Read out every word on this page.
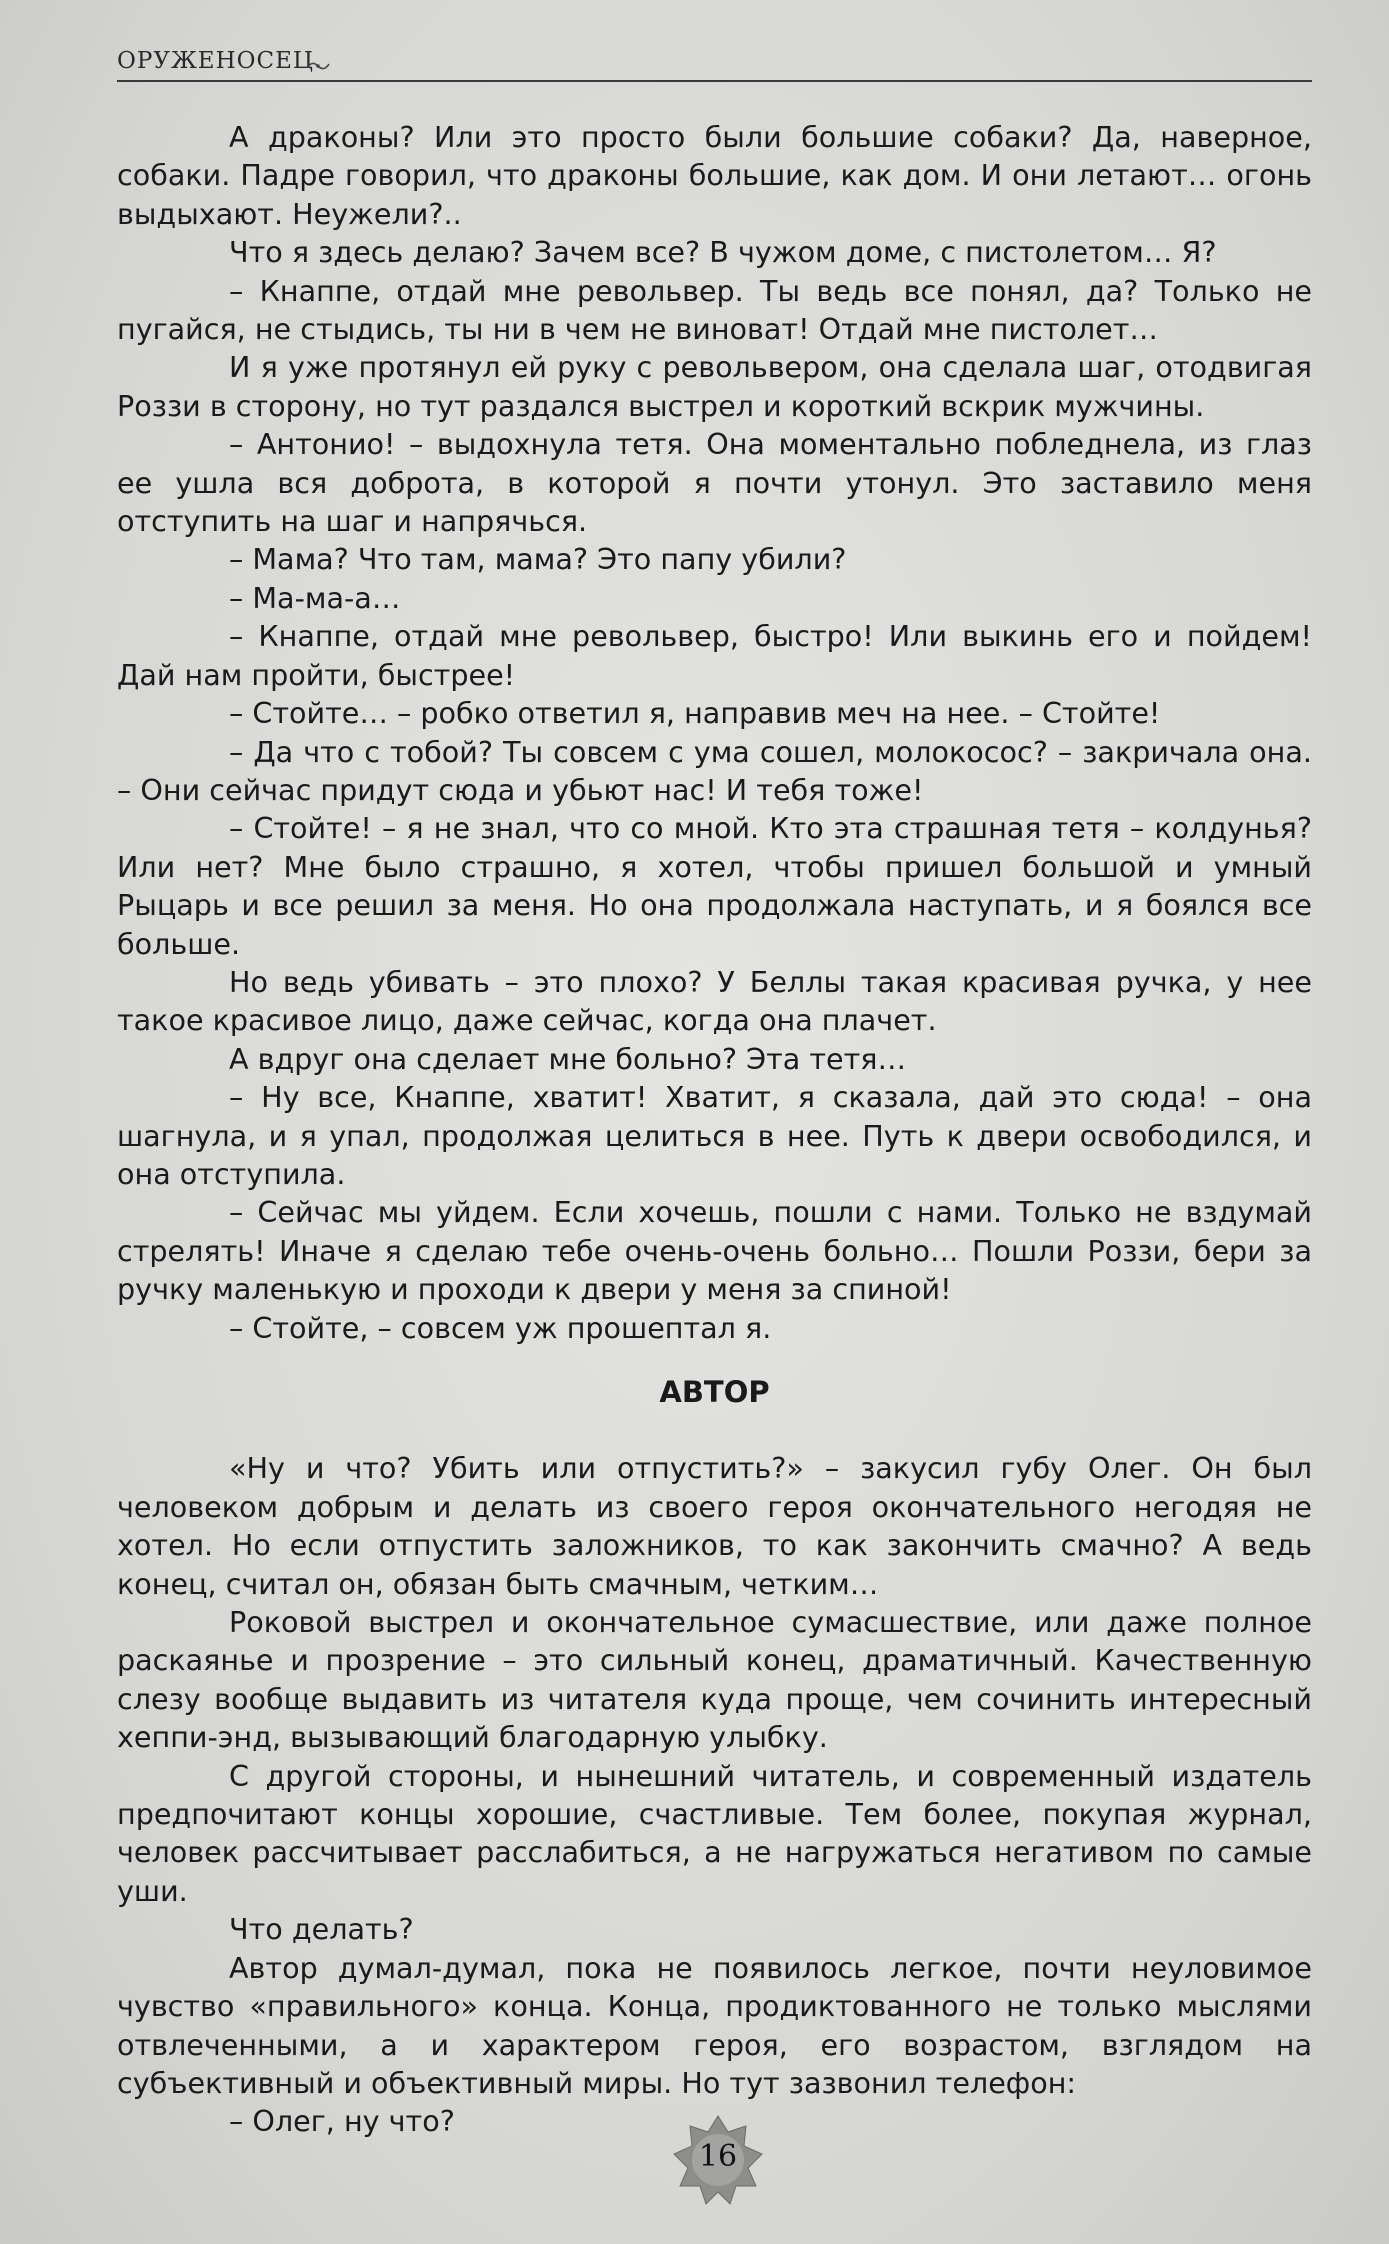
ОРУЖЕНОСЕЦ

А драконы? Или это просто были большие собаки? Да, наверное, собаки. Падре говорил, что драконы большие, как дом. И они летают… огонь выдыхают. Неужели?..

Что я здесь делаю? Зачем все? В чужом доме, с пистолетом… Я?

– Кнаппе, отдай мне револьвер. Ты ведь все понял, да? Только не пугайся, не стыдись, ты ни в чем не виноват! Отдай мне пистолет…

И я уже протянул ей руку с револьвером, она сделала шаг, отодвигая Роззи в сторону, но тут раздался выстрел и короткий вскрик мужчины.

– Антонио! – выдохнула тетя. Она моментально побледнела, из глаз ее ушла вся доброта, в которой я почти утонул. Это заставило меня отступить на шаг и напрячься.

– Мама? Что там, мама? Это папу убили?

– Ма-ма-а…

– Кнаппе, отдай мне револьвер, быстро! Или выкинь его и пойдем! Дай нам пройти, быстрее!

– Стойте… – робко ответил я, направив меч на нее. – Стойте!

– Да что с тобой? Ты совсем с ума сошел, молокосос? – закричала она. – Они сейчас придут сюда и убьют нас! И тебя тоже!

– Стойте! – я не знал, что со мной. Кто эта страшная тетя – колдунья? Или нет? Мне было страшно, я хотел, чтобы пришел большой и умный Рыцарь и все решил за меня. Но она продолжала наступать, и я боялся все больше.

Но ведь убивать – это плохо? У Беллы такая красивая ручка, у нее такое красивое лицо, даже сейчас, когда она плачет.

А вдруг она сделает мне больно? Эта тетя…

– Ну все, Кнаппе, хватит! Хватит, я сказала, дай это сюда! – она шагнула, и я упал, продолжая целиться в нее. Путь к двери освободился, и она отступила.

– Сейчас мы уйдем. Если хочешь, пошли с нами. Только не вздумай стрелять! Иначе я сделаю тебе очень-очень больно… Пошли Роззи, бери за ручку маленькую и проходи к двери у меня за спиной!

– Стойте, – совсем уж прошептал я.

АВТОР

«Ну и что? Убить или отпустить?» – закусил губу Олег. Он был человеком добрым и делать из своего героя окончательного негодяя не хотел. Но если отпустить заложников, то как закончить смачно? А ведь конец, считал он, обязан быть смачным, четким…

Роковой выстрел и окончательное сумасшествие, или даже полное раскаянье и прозрение – это сильный конец, драматичный. Качественную слезу вообще выдавить из читателя куда проще, чем сочинить интересный хеппи-энд, вызывающий благодарную улыбку.

С другой стороны, и нынешний читатель, и современный издатель предпочитают концы хорошие, счастливые. Тем более, покупая журнал, человек рассчитывает расслабиться, а не нагружаться негативом по самые уши.

Что делать?

Автор думал-думал, пока не появилось легкое, почти неуловимое чувство «правильного» конца. Конца, продиктованного не только мыслями отвлеченными, а и характером героя, его возрастом, взглядом на субъективный и объективный миры. Но тут зазвонил телефон:

– Олег, ну что?

16
